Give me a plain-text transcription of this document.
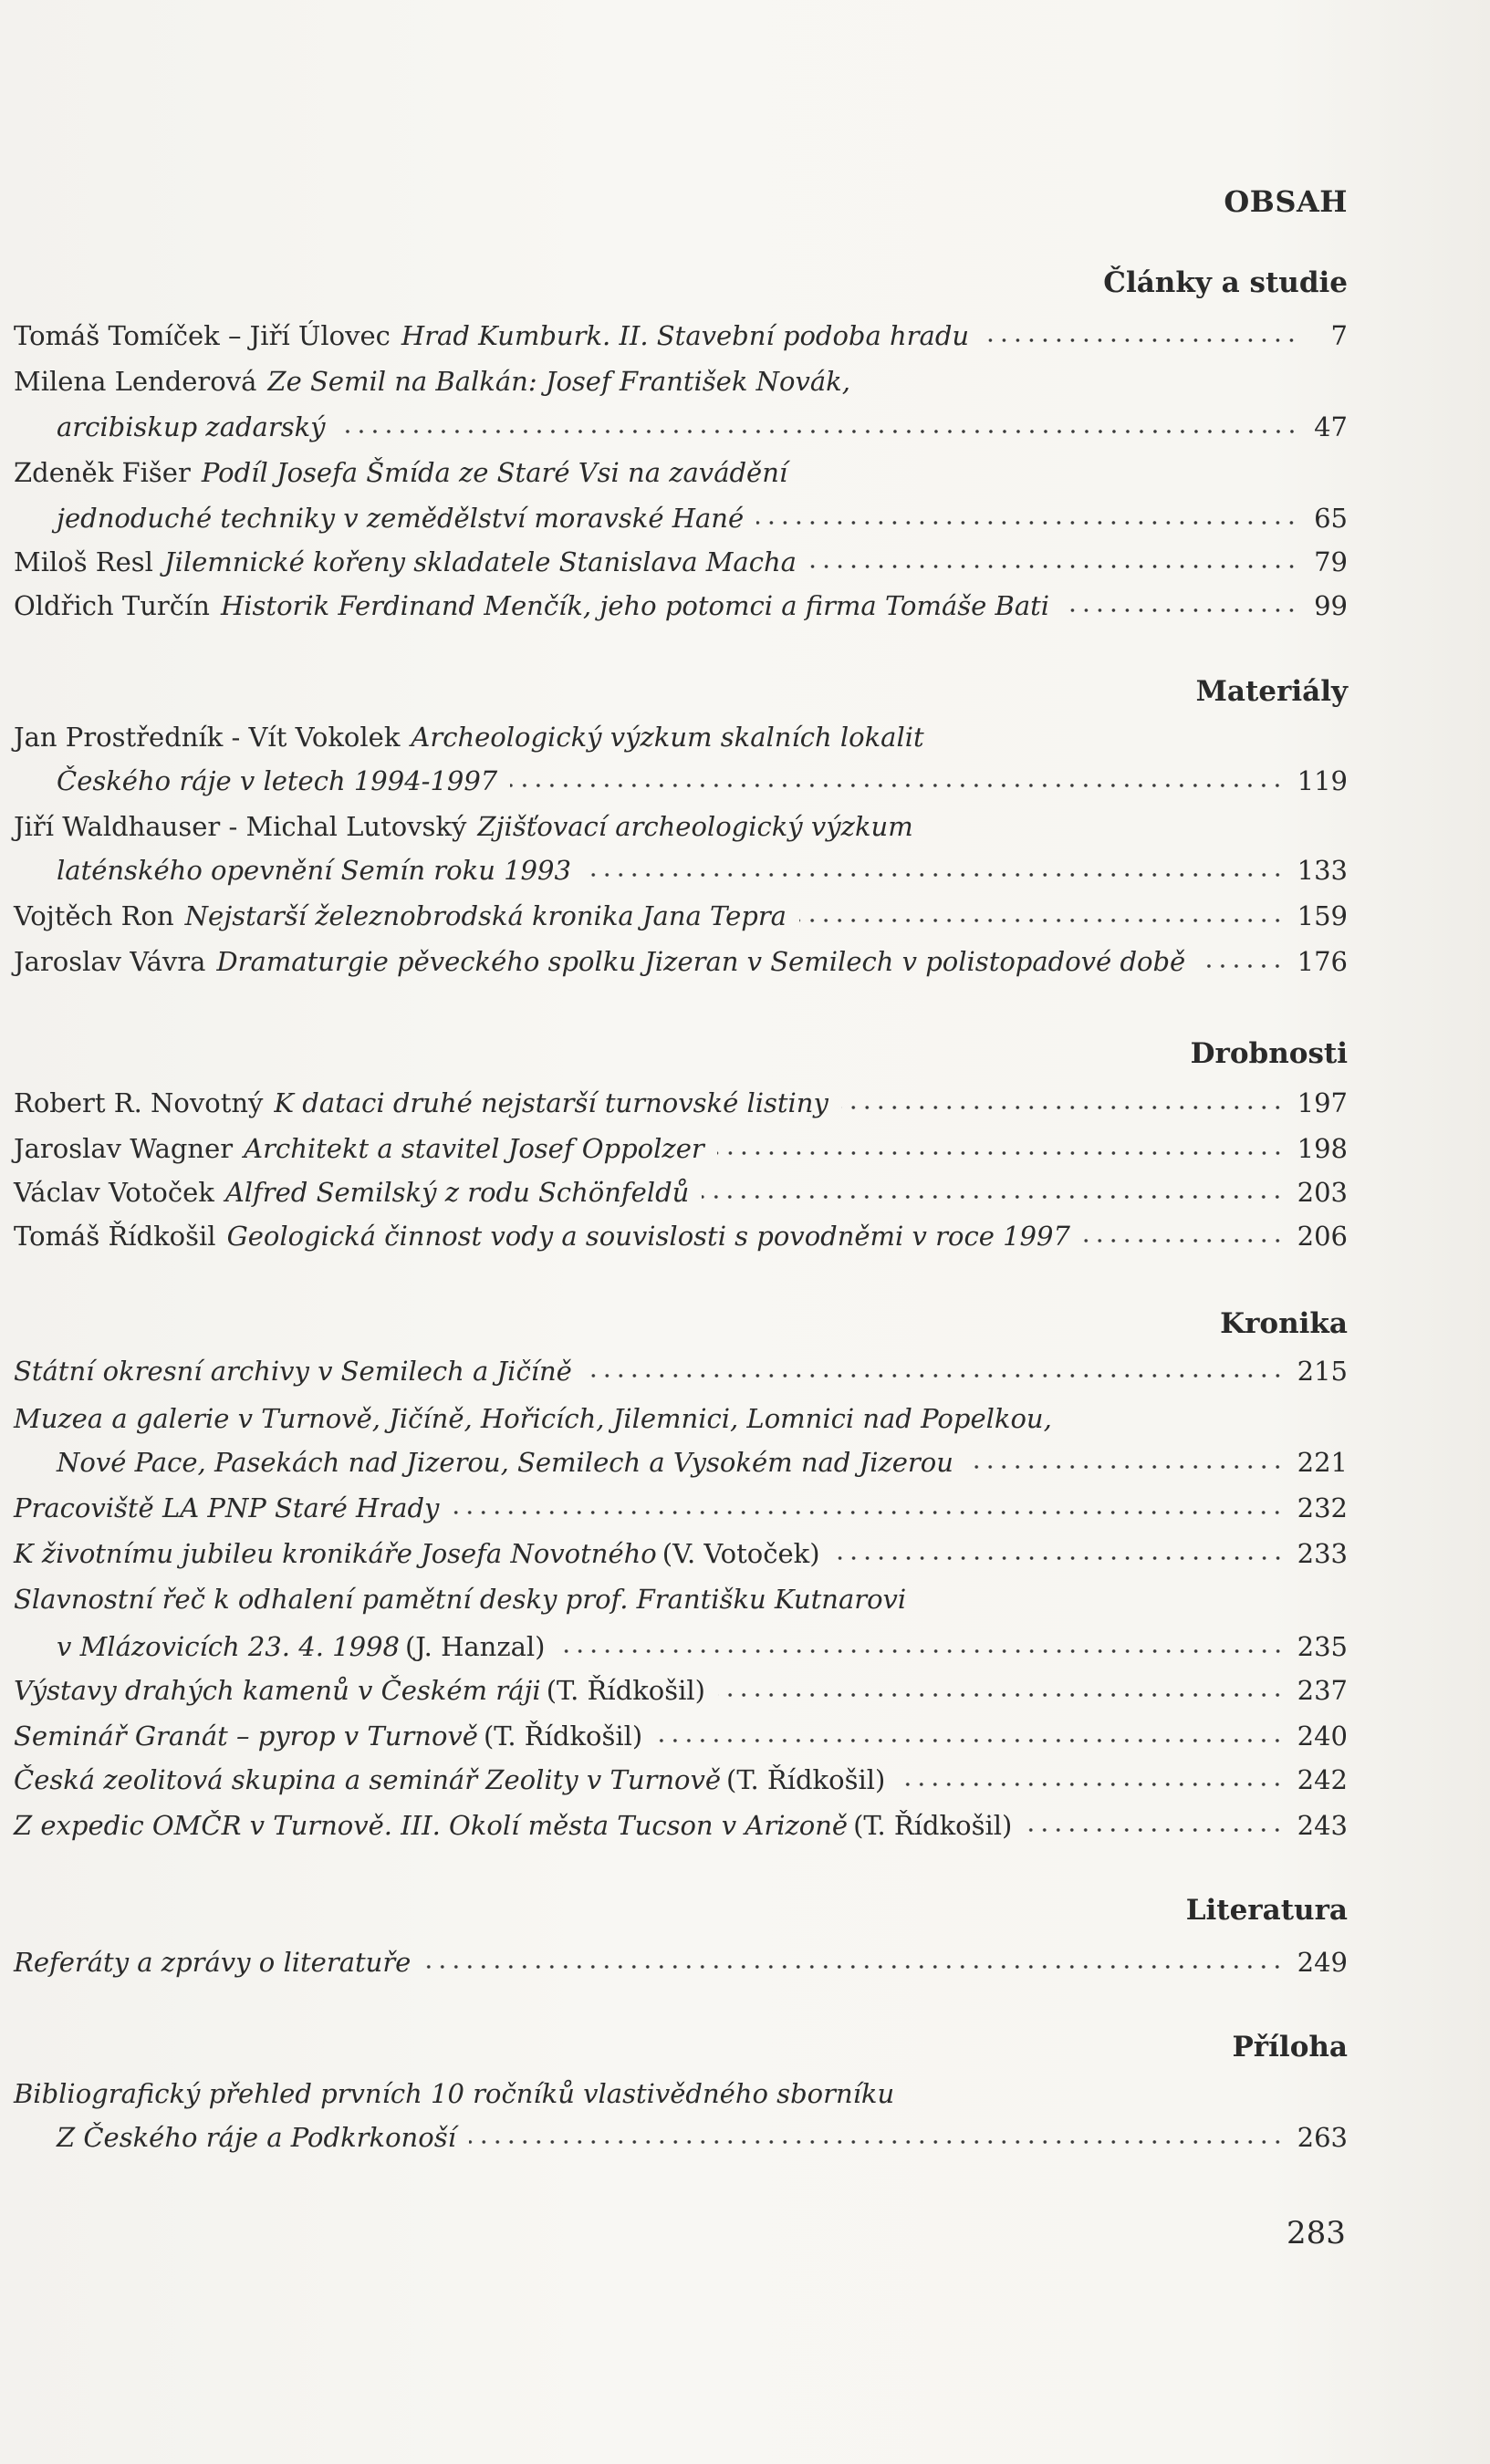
OBSAH
Články a studie
Tomáš Tomíček – Jiří Úlovec Hrad Kumburk. II. Stavební podoba hradu	7
Milena Lenderová Ze Semil na Balkán: Josef František Novák,
arcibiskup zadarský	47
Zdeněk Fišer Podíl Josefa Šmída ze Staré Vsi na zavádění
jednoduché techniky v zemědělství moravské Hané	65
Miloš Resl Jilemnické kořeny skladatele Stanislava Macha	79
Oldřich Turčín Historik Ferdinand Menčík, jeho potomci a firma Tomáše Bati	99
Materiály
Jan Prostředník - Vít Vokolek Archeologický výzkum skalních lokalit
Českého ráje v letech 1994-1997	119
Jiří Waldhauser - Michal Lutovský Zjišťovací archeologický výzkum
laténského opevnění Semín roku 1993	133
Vojtěch Ron Nejstarší železnobrodská kronika Jana Tepra	159
Jaroslav Vávra Dramaturgie pěveckého spolku Jizeran v Semilech v polistopadové době	176
Drobnosti
Robert R. Novotný K dataci druhé nejstarší turnovské listiny	197
Jaroslav Wagner Architekt a stavitel Josef Oppolzer	198
Václav Votoček Alfred Semilský z rodu Schönfeldů	203
Tomáš Řídkošil Geologická činnost vody a souvislosti s povodněmi v roce 1997	206
Kronika
Státní okresní archivy v Semilech a Jičíně	215
Muzea a galerie v Turnově, Jičíně, Hořicích, Jilemnici, Lomnici nad Popelkou,
Nové Pace, Pasekách nad Jizerou, Semilech a Vysokém nad Jizerou	221
Pracoviště LA PNP Staré Hrady	232
K životnímu jubileu kronikáře Josefa Novotného (V. Votoček)	233
Slavnostní řeč k odhalení pamětní desky prof. Františku Kutnarovi
v Mlázovicích 23. 4. 1998 (J. Hanzal)	235
Výstavy drahých kamenů v Českém ráji (T. Řídkošil)	237
Seminář Granát – pyrop v Turnově (T. Řídkošil)	240
Česká zeolitová skupina a seminář Zeolity v Turnově (T. Řídkošil)	242
Z expedic OMČR v Turnově. III. Okolí města Tucson v Arizoně (T. Řídkošil)	243
Literatura
Referáty a zprávy o literatuře	249
Příloha
Bibliografický přehled prvních 10 ročníků vlastivědného sborníku
Z Českého ráje a Podkrkonoší	263
283
